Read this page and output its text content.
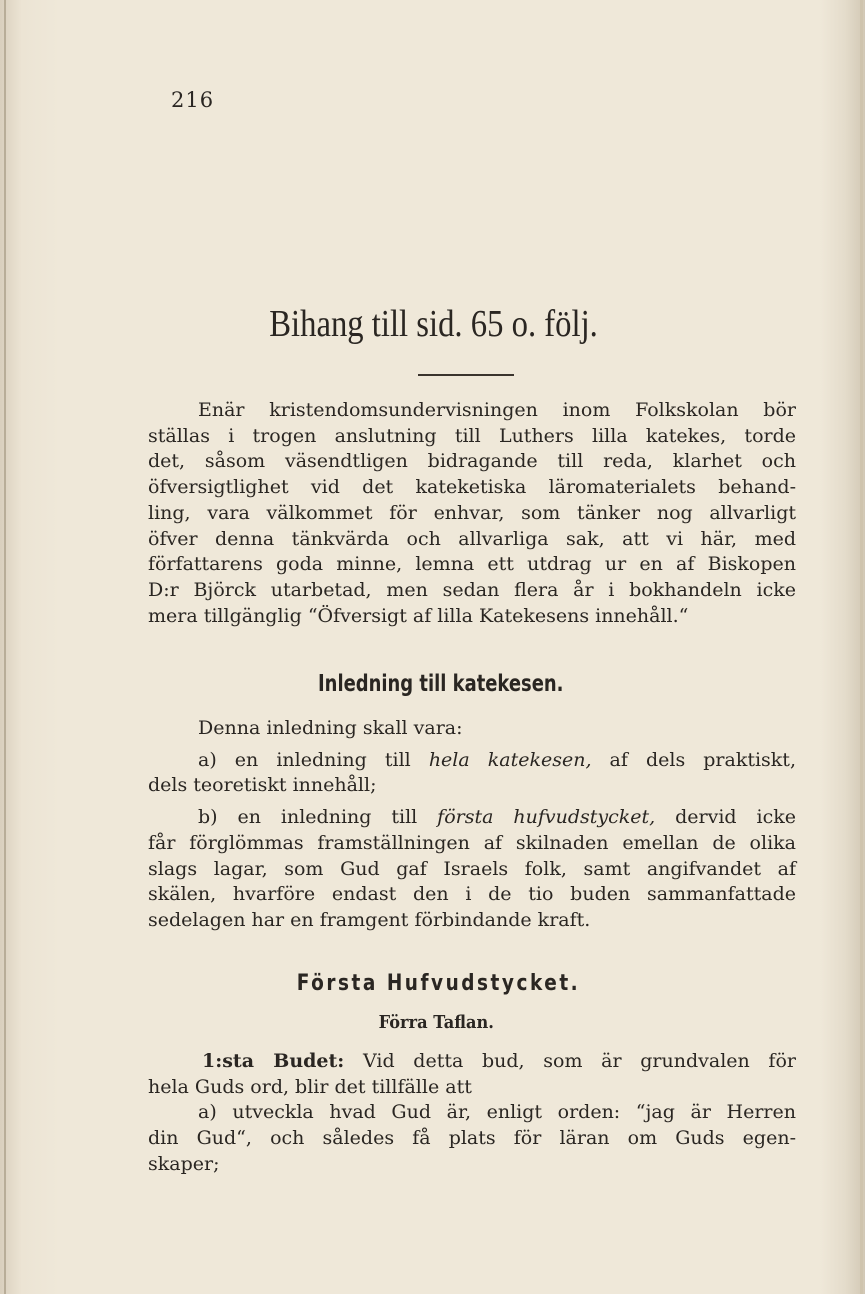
216
Bihang till sid. 65 o. följ.
Enär kristendomsundervisningen inom Folkskolan bör
ställas i trogen anslutning till Luthers lilla katekes, torde
det, såsom väsendtligen bidragande till reda, klarhet och
öfversigtlighet vid det kateketiska läromaterialets behand-
ling, vara välkommet för enhvar, som tänker nog allvarligt
öfver denna tänkvärda och allvarliga sak, att vi här, med
författarens goda minne, lemna ett utdrag ur en af Biskopen
D:r Björck utarbetad, men sedan flera år i bokhandeln icke
mera tillgänglig “Öfversigt af lilla Katekesens innehåll.“
Inledning till katekesen.
Denna inledning skall vara:
a) en inledning till hela katekesen, af dels praktiskt,
dels teoretiskt innehåll;
b) en inledning till första hufvudstycket, dervid icke
får förglömmas framställningen af skilnaden emellan de olika
slags lagar, som Gud gaf Israels folk, samt angifvandet af
skälen, hvarföre endast den i de tio buden sammanfattade
sedelagen har en framgent förbindande kraft.
Första Hufvudstycket.
Förra Taflan.
1:sta Budet: Vid detta bud, som är grundvalen för
hela Guds ord, blir det tillfälle att
a) utveckla hvad Gud är, enligt orden: “jag är Herren
din Gud“, och således få plats för läran om Guds egen-
skaper;
